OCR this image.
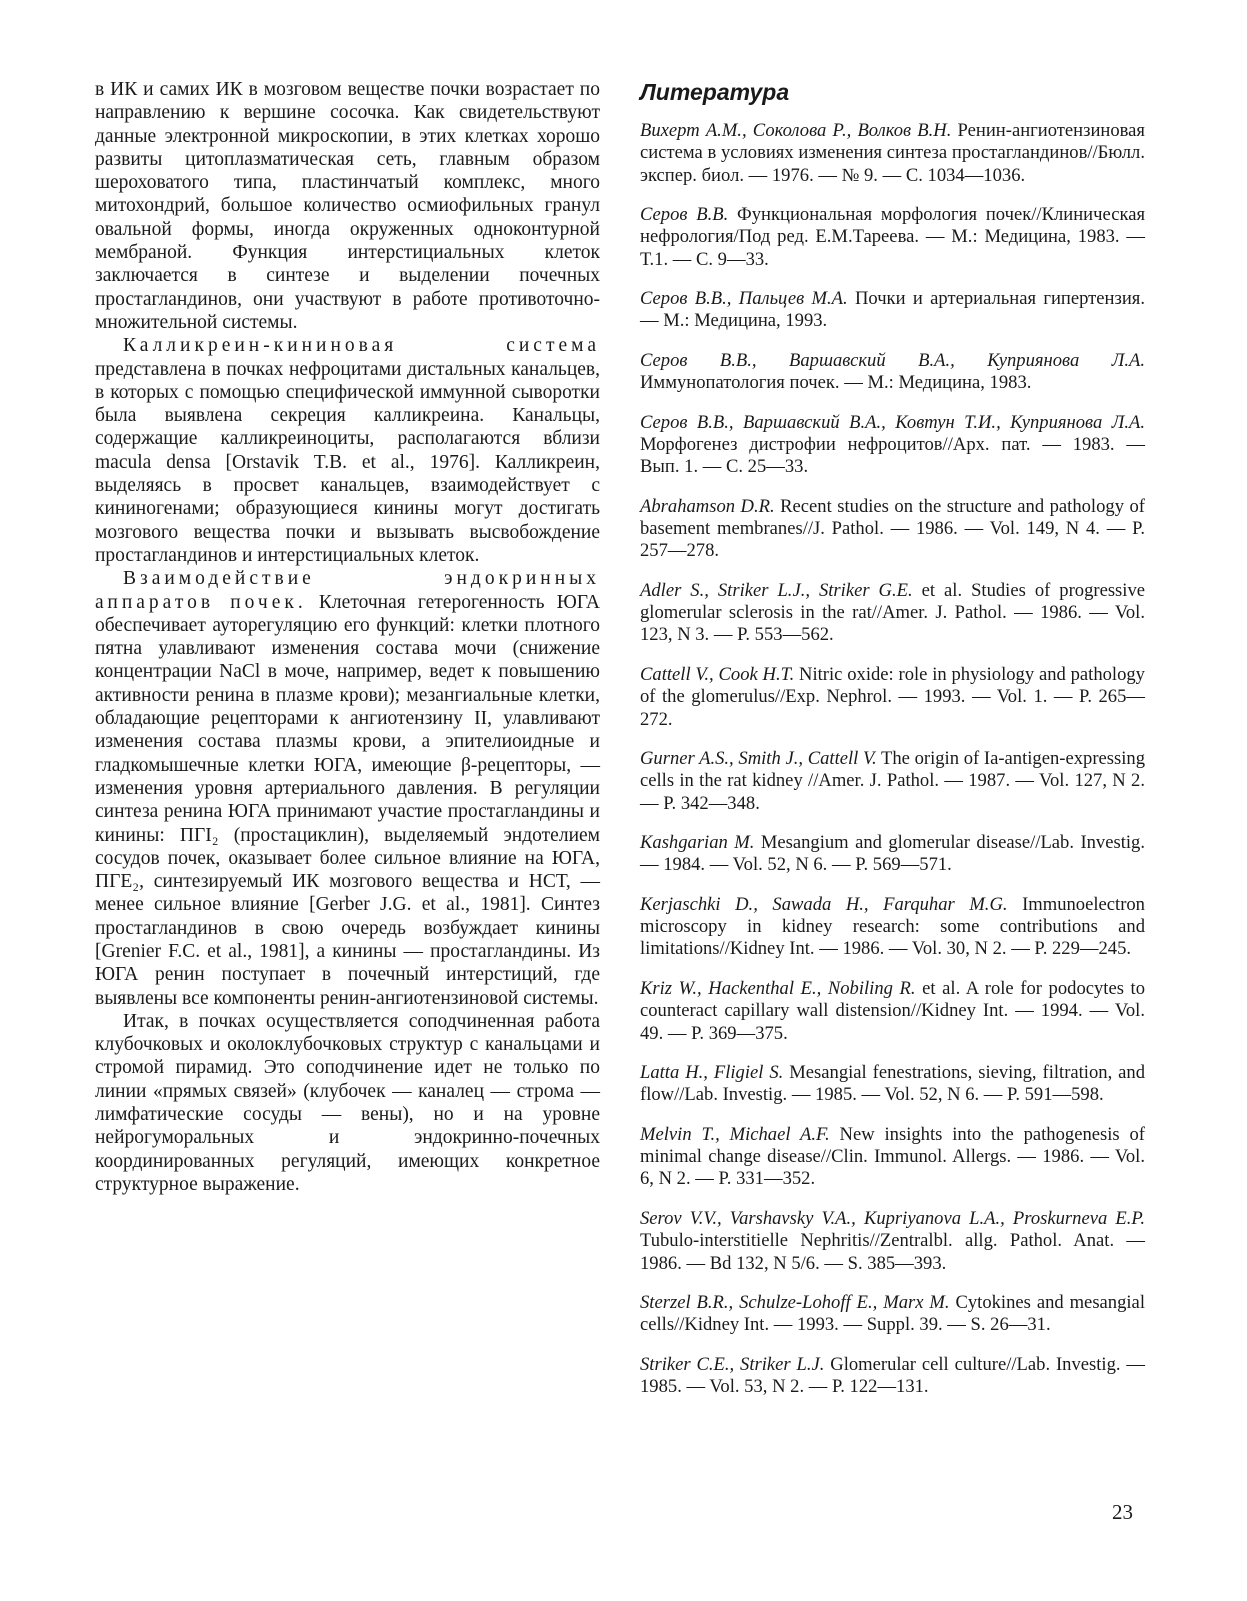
в ИК и самих ИК в мозговом веществе почки возрастает по направлению к вершине сосочка. Как свидетельствуют данные электронной микроскопии, в этих клетках хорошо развиты цитоплазматическая сеть, главным образом шероховатого типа, пластинчатый комплекс, много митохондрий, большое количество осмиофильных гранул овальной формы, иногда окруженных одноконтурной мембраной. Функция интерстициальных клеток заключается в синтезе и выделении почечных простагландинов, они участвуют в работе противоточно-множительной системы.

Калликреин-кининовая система представлена в почках нефроцитами дистальных канальцев, в которых с помощью специфической иммунной сыворотки была выявлена секреция калликреина. Канальцы, содержащие калликреиноциты, располагаются вблизи macula densa [Orstavik T.B. et al., 1976]. Калликреин, выделяясь в просвет канальцев, взаимодействует с кининогенами; образующиеся кинины могут достигать мозгового вещества почки и вызывать высвобождение простагландинов и интерстициальных клеток.

Взаимодействие эндокринных аппаратов почек. Клеточная гетерогенность ЮГА обеспечивает ауторегуляцию его функций: клетки плотного пятна улавливают изменения состава мочи (снижение концентрации NaCl в моче, например, ведет к повышению активности ренина в плазме крови); мезангиальные клетки, обладающие рецепторами к ангиотензину II, улавливают изменения состава плазмы крови, а эпителиоидные и гладкомышечные клетки ЮГА, имеющие β-рецепторы, — изменения уровня артериального давления. В регуляции синтеза ренина ЮГА принимают участие простагландины и кинины: ПГI₂ (простациклин), выделяемый эндотелием сосудов почек, оказывает более сильное влияние на ЮГА, ПГЕ₂, синтезируемый ИК мозгового вещества и НСТ, — менее сильное влияние [Gerber J.G. et al., 1981]. Синтез простагландинов в свою очередь возбуждает кинины [Grenier F.C. et al., 1981], а кинины — простагландины. Из ЮГА ренин поступает в почечный интерстиций, где выявлены все компоненты ренин-ангиотензиновой системы.

Итак, в почках осуществляется соподчиненная работа клубочковых и околоклубочковых структур с канальцами и стромой пирамид. Это соподчинение идет не только по линии «прямых связей» (клубочек — каналец — строма — лимфатические сосуды — вены), но и на уровне нейрогуморальных и эндокринно-почечных координированных регуляций, имеющих конкретное структурное выражение.

Литература
Вихерт А.М., Соколова Р., Волков В.Н. Ренин-ангиотензиновая система в условиях изменения синтеза простагландинов//Бюлл. экспер. биол. — 1976. — № 9. — С. 1034—1036.
Серов В.В. Функциональная морфология почек//Клиническая нефрология/Под ред. Е.М.Тареева. — М.: Медицина, 1983. — Т.1. — С. 9—33.
Серов В.В., Пальцев М.А. Почки и артериальная гипертензия. — М.: Медицина, 1993.
Серов В.В., Варшавский В.А., Куприянова Л.А. Иммунопатология почек. — М.: Медицина, 1983.
Серов В.В., Варшавский В.А., Ковтун Т.И., Куприянова Л.А. Морфогенез дистрофии нефроцитов//Арх. пат. — 1983. — Вып. 1. — С. 25—33.
Abrahamson D.R. Recent studies on the structure and pathology of basement membranes//J. Pathol. — 1986. — Vol. 149, N 4. — P. 257—278.
Adler S., Striker L.J., Striker G.E. et al. Studies of progressive glomerular sclerosis in the rat//Amer. J. Pathol. — 1986. — Vol. 123, N 3. — P. 553—562.
Cattell V., Cook H.T. Nitric oxide: role in physiology and pathology of the glomerulus//Exp. Nephrol. — 1993. — Vol. 1. — P. 265—272.
Gurner A.S., Smith J., Cattell V. The origin of Ia-antigen-expressing cells in the rat kidney //Amer. J. Pathol. — 1987. — Vol. 127, N 2. — P. 342—348.
Kashgarian M. Mesangium and glomerular disease//Lab. Investig. — 1984. — Vol. 52, N 6. — P. 569—571.
Kerjaschki D., Sawada H., Farquhar M.G. Immunoelectron microscopy in kidney research: some contributions and limitations//Kidney Int. — 1986. — Vol. 30, N 2. — P. 229—245.
Kriz W., Hackenthal E., Nobiling R. et al. A role for podocytes to counteract capillary wall distension//Kidney Int. — 1994. — Vol. 49. — P. 369—375.
Latta H., Fligiel S. Mesangial fenestrations, sieving, filtration, and flow//Lab. Investig. — 1985. — Vol. 52, N 6. — P. 591—598.
Melvin T., Michael A.F. New insights into the pathogenesis of minimal change disease//Clin. Immunol. Allergs. — 1986. — Vol. 6, N 2. — P. 331—352.
Serov V.V., Varshavsky V.A., Kupriyanova L.A., Proskurneva E.P. Tubulo-interstitielle Nephritis//Zentralbl. allg. Pathol. Anat. — 1986. — Bd 132, N 5/6. — S. 385—393.
Sterzel B.R., Schulze-Lohoff E., Marx M. Cytokines and mesangial cells//Kidney Int. — 1993. — Suppl. 39. — S. 26—31.
Striker C.E., Striker L.J. Glomerular cell culture//Lab. Investig. — 1985. — Vol. 53, N 2. — P. 122—131.
23
